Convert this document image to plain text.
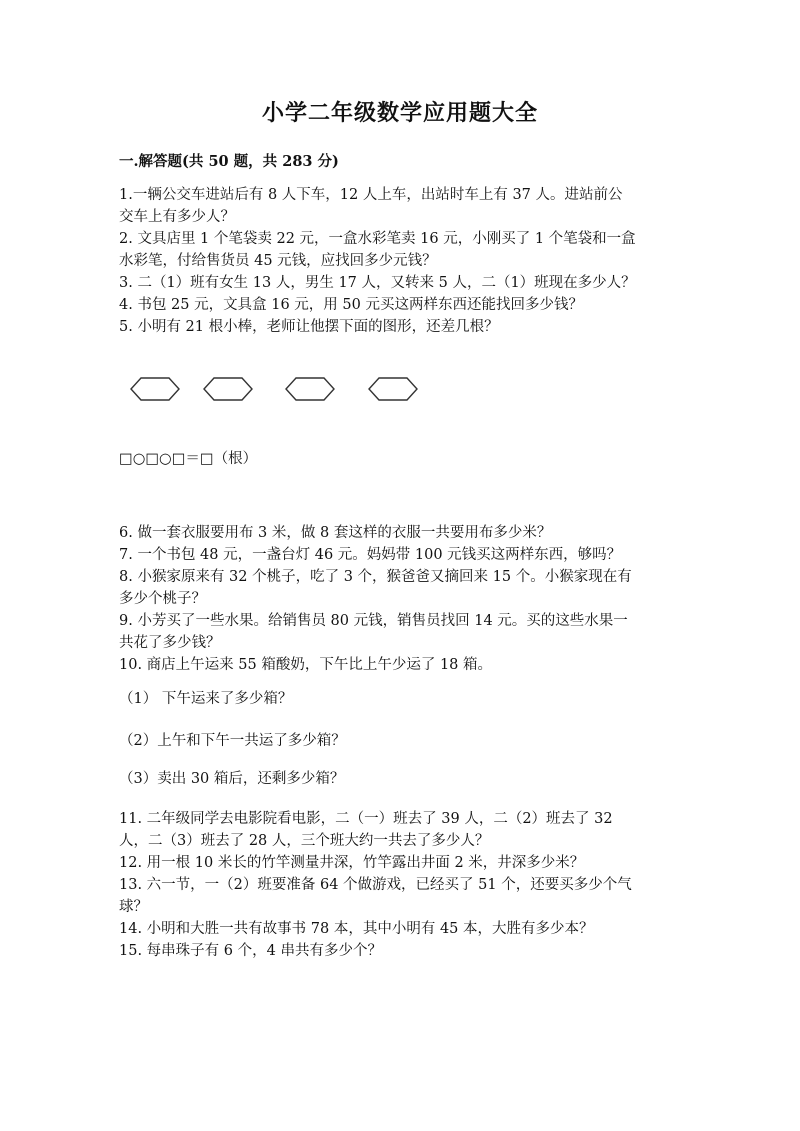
小学二年级数学应用题大全
一.解答题(共 50 题，共 283 分)

1.一辆公交车进站后有 8 人下车，12 人上车，出站时车上有 37 人。进站前公

交车上有多少人？

2. 文具店里 1 个笔袋卖 22 元，一盒水彩笔卖 16 元，小刚买了 1 个笔袋和一盒

水彩笔，付给售货员 45 元钱，应找回多少元钱？

3. 二（1）班有女生 13 人，男生 17 人，又转来 5 人，二（1）班现在多少人？

4. 书包 25 元，文具盒 16 元，用 50 元买这两样东西还能找回多少钱？

5. 小明有 21 根小棒，老师让他摆下面的图形，还差几根？

□○□○□＝□（根）

6. 做一套衣服要用布 3 米，做 8 套这样的衣服一共要用布多少米？

7. 一个书包 48 元，一盏台灯 46 元。妈妈带 100 元钱买这两样东西，够吗？

8. 小猴家原来有 32 个桃子，吃了 3 个，猴爸爸又摘回来 15 个。小猴家现在有

多少个桃子？

9. 小芳买了一些水果。给销售员 80 元钱，销售员找回 14 元。买的这些水果一

共花了多少钱？

10. 商店上午运来 55 箱酸奶，下午比上午少运了 18 箱。

（1） 下午运来了多少箱？
（2）上午和下午一共运了多少箱？
（3）卖出 30 箱后，还剩多少箱？

11. 二年级同学去电影院看电影，二（一）班去了 39 人，二（2）班去了 32

人，二（3）班去了 28 人，三个班大约一共去了多少人？

12. 用一根 10 米长的竹竿测量井深，竹竿露出井面 2 米，井深多少米？

13. 六一节，一（2）班要准备 64 个做游戏，已经买了 51 个，还要买多少个气

球？

14. 小明和大胜一共有故事书 78 本，其中小明有 45 本，大胜有多少本？

15. 每串珠子有 6 个，4 串共有多少个？
